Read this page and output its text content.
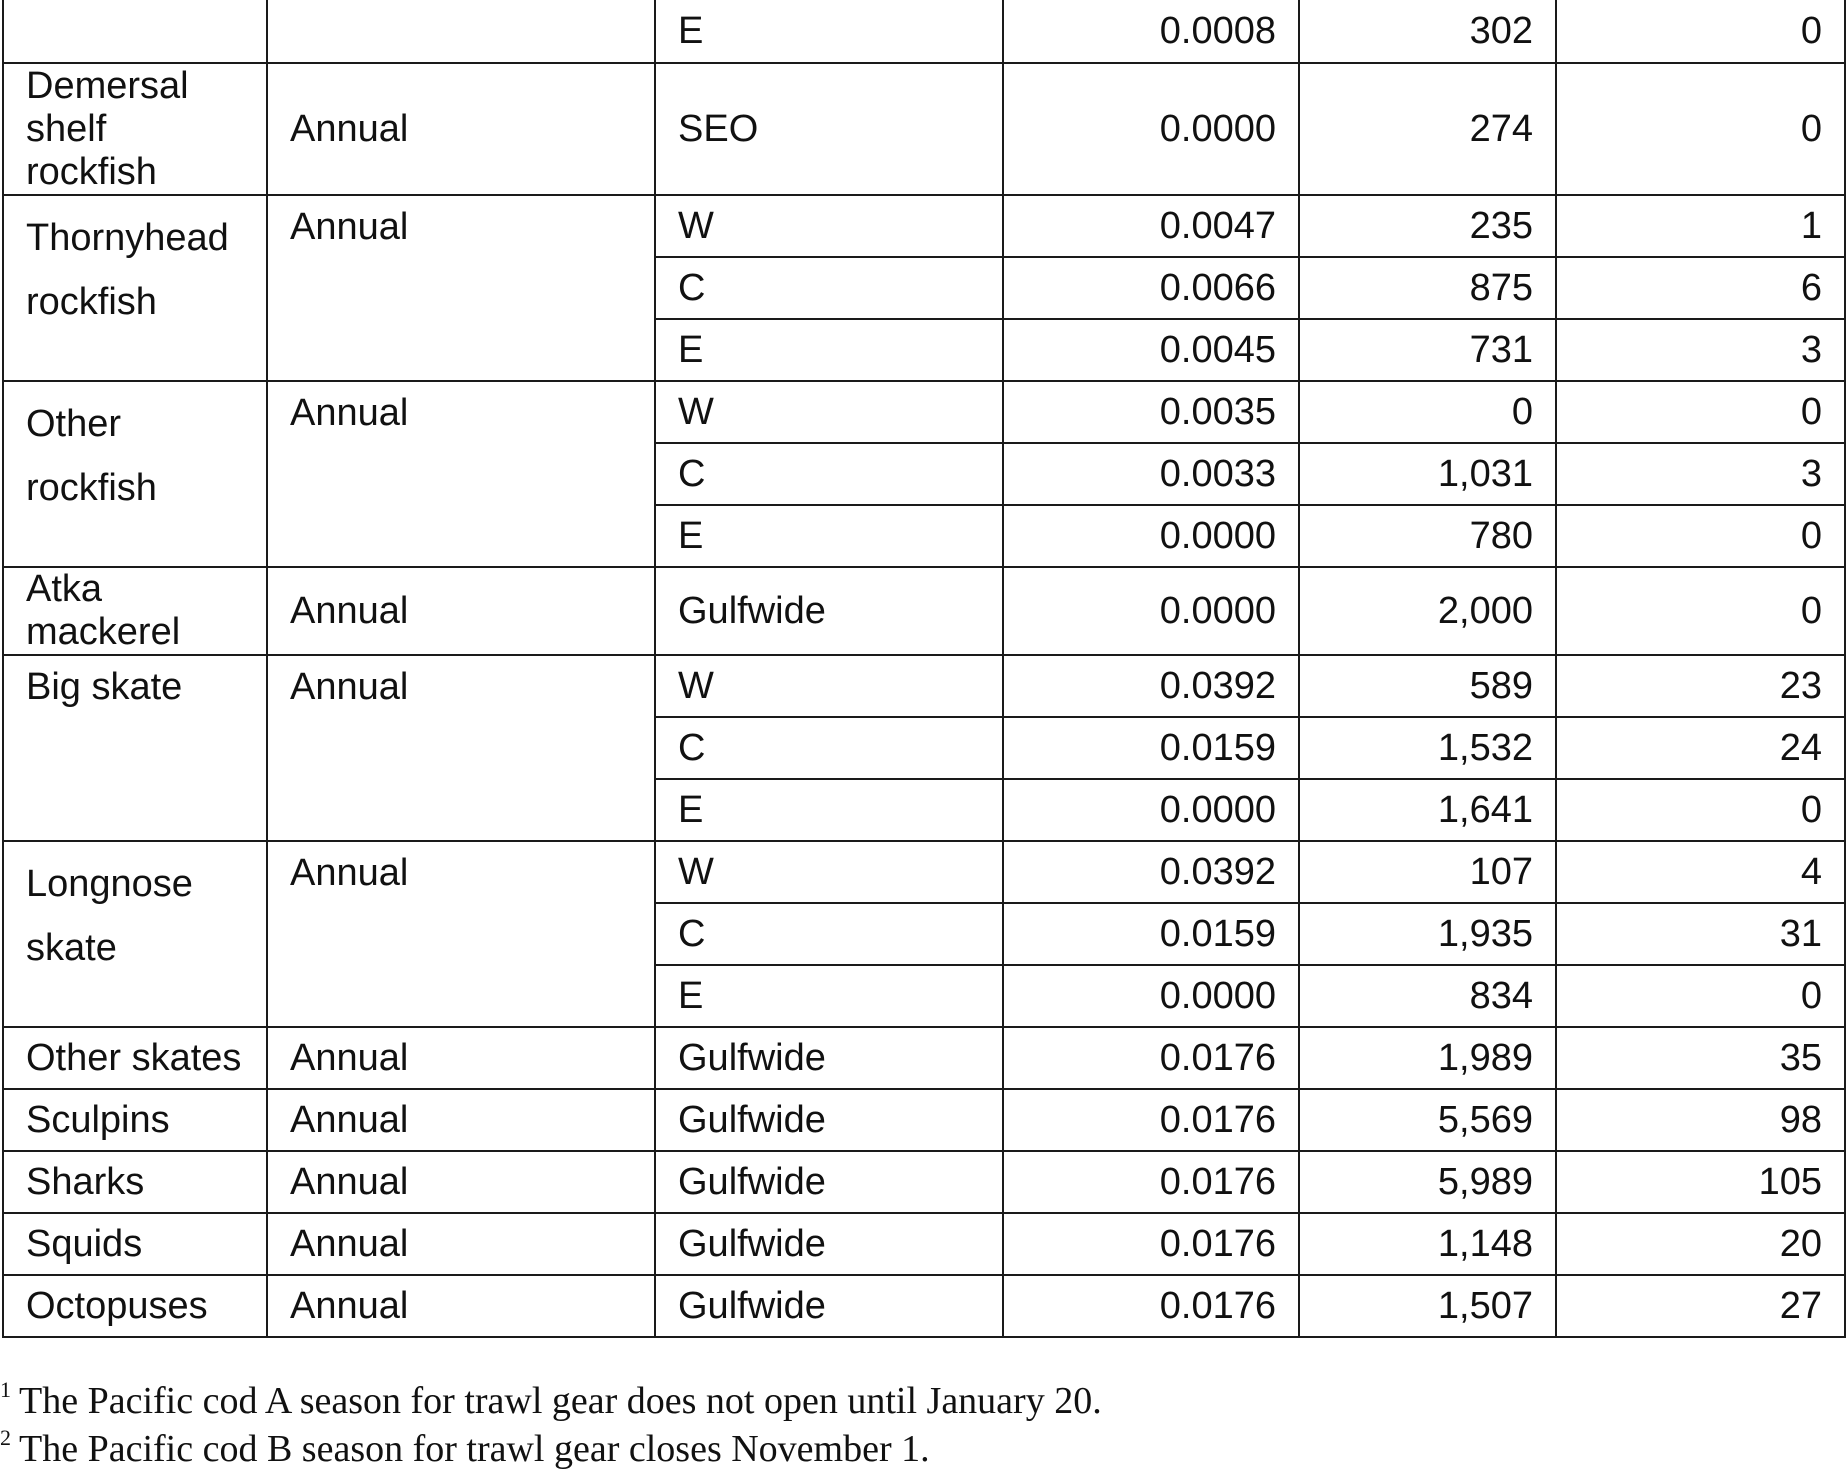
		E	0.0008	302	0
Demersal shelf rockfish	Annual	SEO	0.0000	274	0
Thornyhead rockfish	Annual	W	0.0047	235	1
		C	0.0066	875	6
		E	0.0045	731	3
Other rockfish	Annual	W	0.0035	0	0
		C	0.0033	1,031	3
		E	0.0000	780	0
Atka mackerel	Annual	Gulfwide	0.0000	2,000	0
Big skate	Annual	W	0.0392	589	23
		C	0.0159	1,532	24
		E	0.0000	1,641	0
Longnose skate	Annual	W	0.0392	107	4
		C	0.0159	1,935	31
		E	0.0000	834	0
Other skates	Annual	Gulfwide	0.0176	1,989	35
Sculpins	Annual	Gulfwide	0.0176	5,569	98
Sharks	Annual	Gulfwide	0.0176	5,989	105
Squids	Annual	Gulfwide	0.0176	1,148	20
Octopuses	Annual	Gulfwide	0.0176	1,507	27
$^1$ The Pacific cod A season for trawl gear does not open until January 20.
$^2$ The Pacific cod B season for trawl gear closes November 1.
